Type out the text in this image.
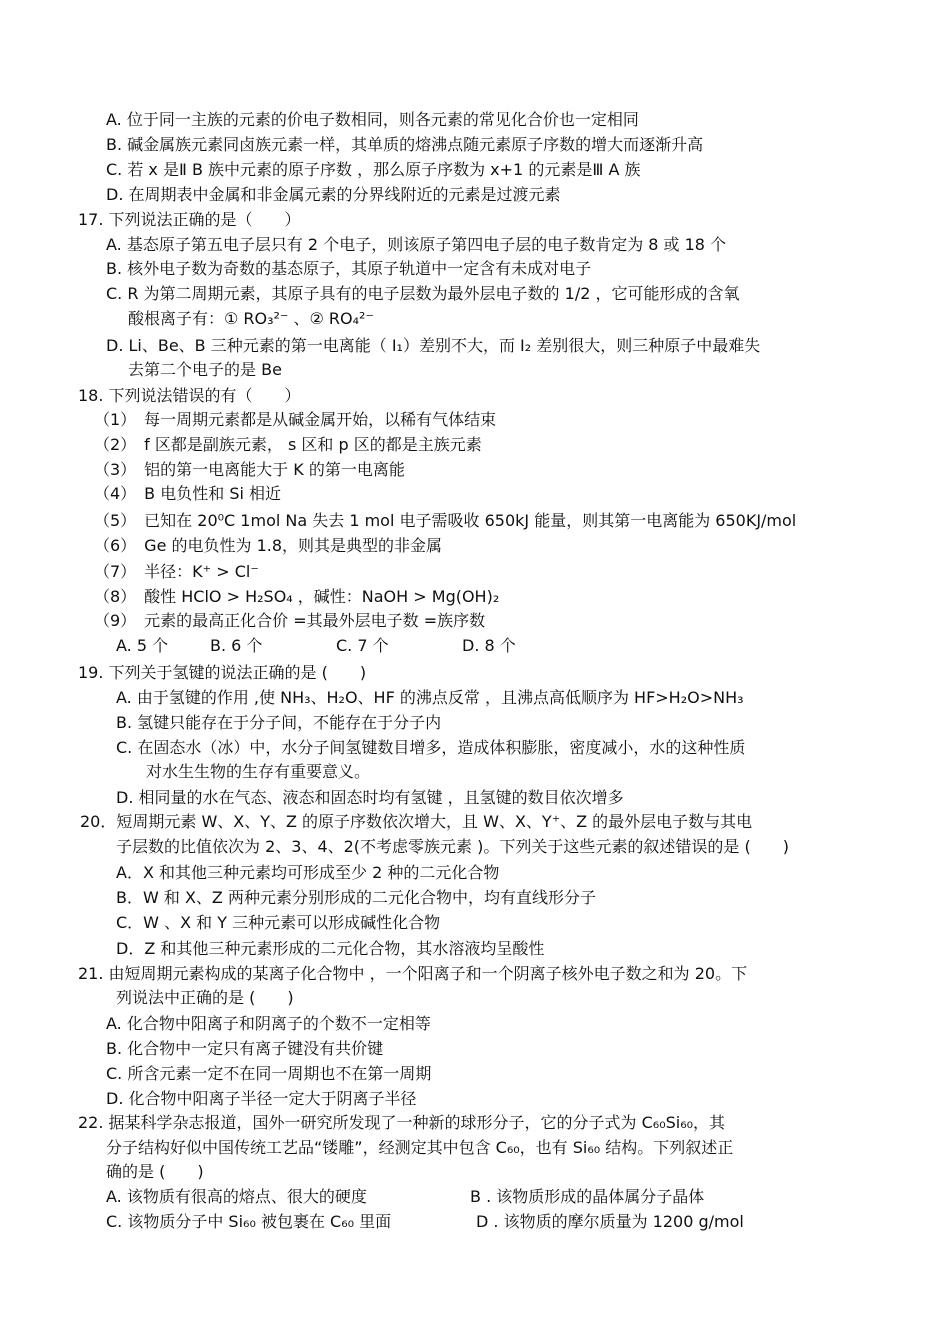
A. 位于同一主族的元素的价电子数相同，则各元素的常见化合价也一定相同
B. 碱金属族元素同卤族元素一样，其单质的熔沸点随元素原子序数的增大而逐渐升高
C. 若 x 是Ⅱ B 族中元素的原子序数 ，那么原子序数为 x+1 的元素是Ⅲ A 族
D. 在周期表中金属和非金属元素的分界线附近的元素是过渡元素
17. 下列说法正确的是（　　）
A. 基态原子第五电子层只有 2 个电子，则该原子第四电子层的电子数肯定为 8 或 18 个
B. 核外电子数为奇数的基态原子，其原子轨道中一定含有未成对电子
C. R 为第二周期元素，其原子具有的电子层数为最外层电子数的 1/2 ，它可能形成的含氧
酸根离子有：① RO₃²⁻ 、② RO₄²⁻
D. Li、Be、B 三种元素的第一电离能（ I₁）差别不大，而 I₂ 差别很大，则三种原子中最难失
去第二个电子的是 Be
18. 下列说法错误的有（　　）
（1）　每一周期元素都是从碱金属开始，以稀有气体结束
（2）　f 区都是副族元素， s 区和 p 区的都是主族元素
（3）　铝的第一电离能大于 K 的第一电离能
（4）　B 电负性和 Si 相近
（5）　已知在 20⁰C 1mol Na 失去 1 mol 电子需吸收 650kJ 能量，则其第一电离能为 650KJ/mol
（6）　Ge 的电负性为 1.8，则其是典型的非金属
（7）　半径：K⁺ > Cl⁻
（8）　酸性 HClO > H₂SO₄ ，碱性：NaOH > Mg(OH)₂
（9）　元素的最高正化合价 =其最外层电子数 =族序数
A. 5 个	B. 6 个	C. 7 个	D. 8 个
19. 下列关于氢键的说法正确的是 (　　)
A. 由于氢键的作用 ,使 NH₃、H₂O、HF 的沸点反常 ，且沸点高低顺序为 HF>H₂O>NH₃
B. 氢键只能存在于分子间，不能存在于分子内
C. 在固态水（冰）中，水分子间氢键数目增多，造成体积膨胀，密度减小，水的这种性质
对水生生物的生存有重要意义。
D. 相同量的水在气态、液态和固态时均有氢键 ，且氢键的数目依次增多
20．短周期元素 W、X、Y、Z 的原子序数依次增大，且 W、X、Y⁺、Z 的最外层电子数与其电
子层数的比值依次为 2、3、4、2(不考虑零族元素 )。下列关于这些元素的叙述错误的是 (　　)
A．X 和其他三种元素均可形成至少 2 种的二元化合物
B．W 和 X、Z 两种元素分别形成的二元化合物中，均有直线形分子
C．W 、X 和 Y 三种元素可以形成碱性化合物
D．Z 和其他三种元素形成的二元化合物，其水溶液均呈酸性
21. 由短周期元素构成的某离子化合物中 ，一个阳离子和一个阴离子核外电子数之和为 20。下
列说法中正确的是 (　　)
A. 化合物中阳离子和阴离子的个数不一定相等
B. 化合物中一定只有离子键没有共价键
C. 所含元素一定不在同一周期也不在第一周期
D. 化合物中阳离子半径一定大于阴离子半径
22. 据某科学杂志报道，国外一研究所发现了一种新的球形分子，它的分子式为 C₆₀Si₆₀，其
分子结构好似中国传统工艺品“镂雕”，经测定其中包含 C₆₀，也有 Si₆₀ 结构。下列叙述正
确的是 (　　)
A. 该物质有很高的熔点、很大的硬度	B . 该物质形成的晶体属分子晶体
C. 该物质分子中 Si₆₀ 被包裹在 C₆₀ 里面	D . 该物质的摩尔质量为 1200 g/mol
